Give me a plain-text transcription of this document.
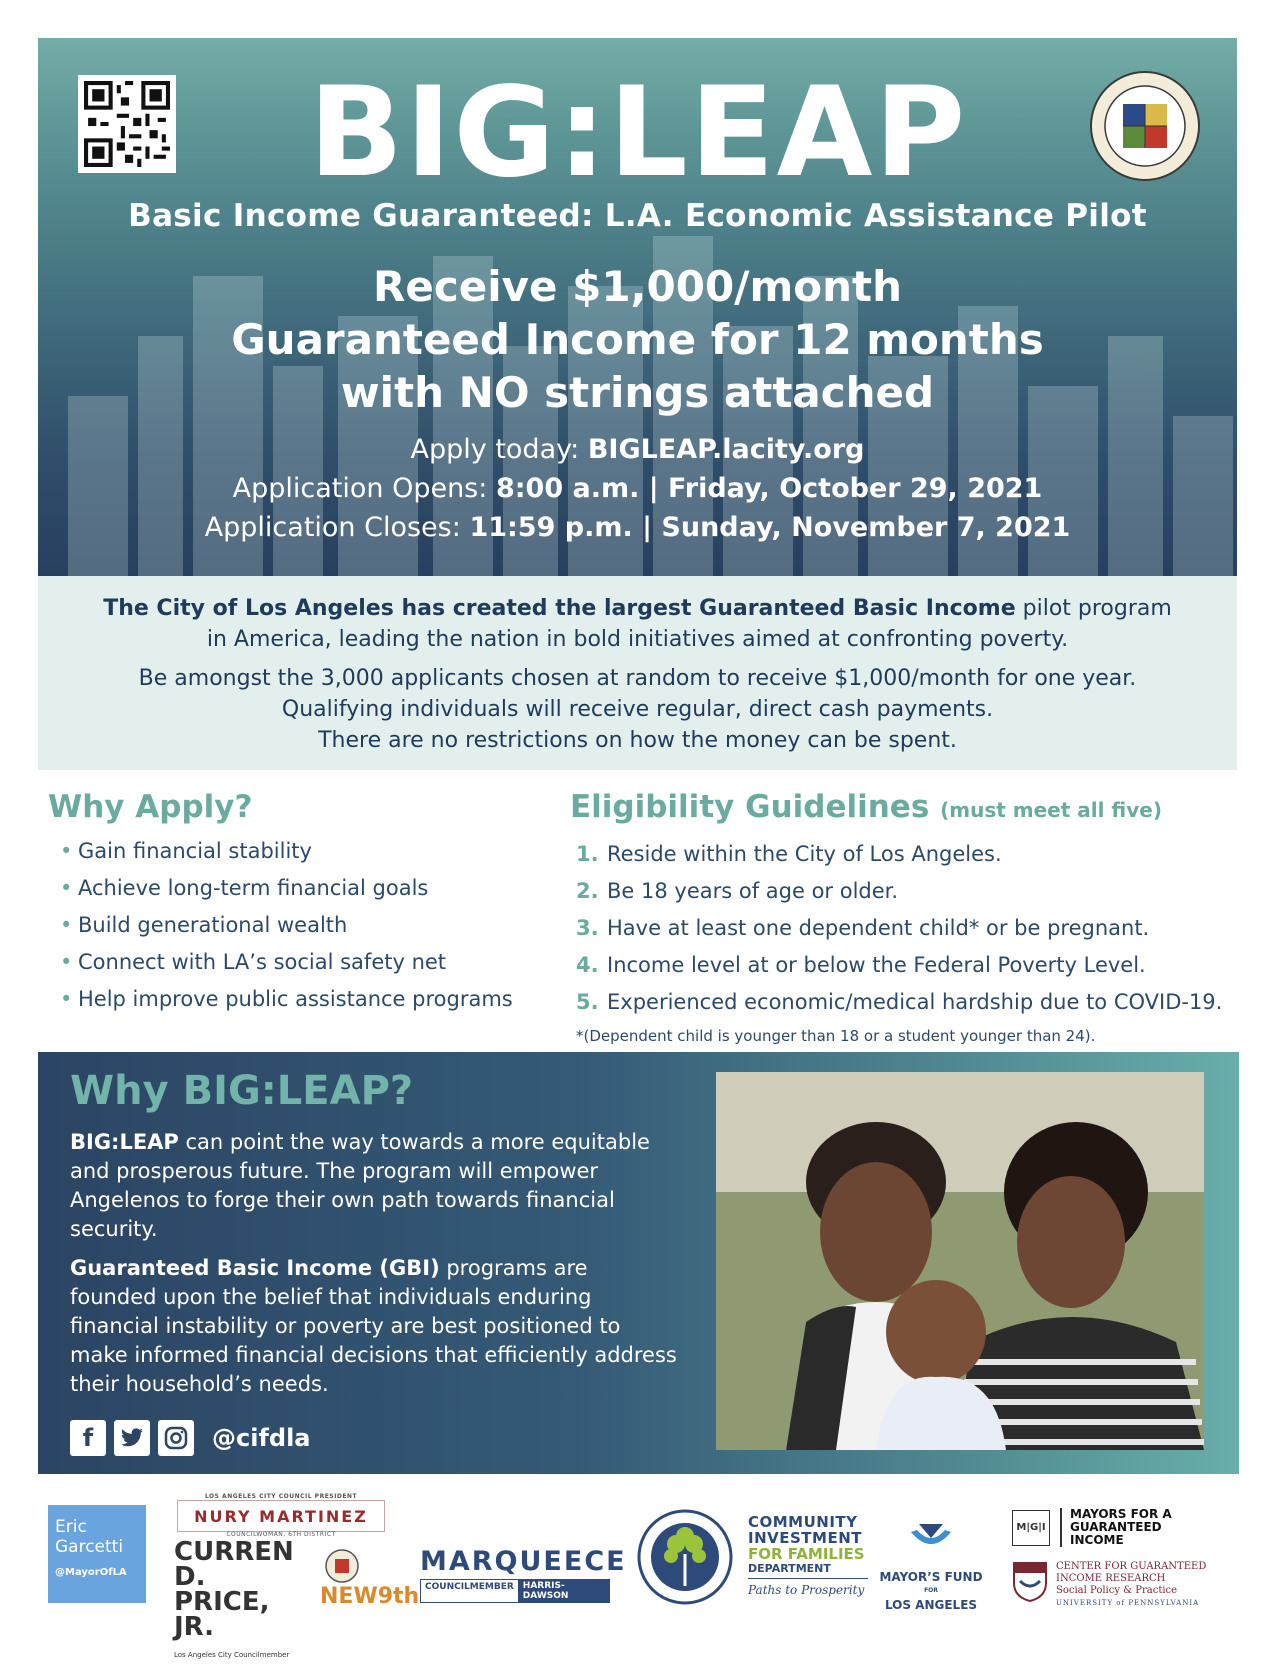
BIG:LEAP
Basic Income Guaranteed: L.A. Economic Assistance Pilot
Receive $1,000/month
Guaranteed Income for 12 months
with NO strings attached
Apply today: BIGLEAP.lacity.org
Application Opens: 8:00 a.m. | Friday, October 29, 2021
Application Closes: 11:59 p.m. | Sunday, November 7, 2021

The City of Los Angeles has created the largest Guaranteed Basic Income pilot program
in America, leading the nation in bold initiatives aimed at confronting poverty.

Be amongst the 3,000 applicants chosen at random to receive $1,000/month for one year.
Qualifying individuals will receive regular, direct cash payments.
There are no restrictions on how the money can be spent.

Why Apply?
• Gain financial stability
• Achieve long-term financial goals
• Build generational wealth
• Connect with LA’s social safety net
• Help improve public assistance programs
Eligibility Guidelines (must meet all five)
1. Reside within the City of Los Angeles.
2. Be 18 years of age or older.
3. Have at least one dependent child* or be pregnant.
4. Income level at or below the Federal Poverty Level.
5. Experienced economic/medical hardship due to COVID-19.
*(Dependent child is younger than 18 or a student younger than 24).
Why BIG:LEAP?

BIG:LEAP can point the way towards a more equitable and prosperous future. The program will empower Angelenos to forge their own path towards financial security.

Guaranteed Basic Income (GBI) programs are founded upon the belief that individuals enduring financial instability or poverty are best positioned to make informed financial decisions that efficiently address their household’s needs.

f	@cifdla
Eric
Garcetti
@MayorOfLA
LOS ANGELES CITY COUNCIL PRESIDENT
NURY MARTINEZ
COUNCILWOMAN, 6TH DISTRICT
CURREN D.
PRICE, JR.
Los Angeles City Councilmember
NEW9th
MARQUEECE
COUNCILMEMBER	HARRIS-DAWSON
COMMUNITY
INVESTMENT
FOR FAMILIES
DEPARTMENT
Paths to Prosperity
MAYOR’S FUND
FOR
LOS ANGELES
M|G|I
MAYORS FOR A
GUARANTEED
INCOME
CENTER FOR GUARANTEED
INCOME RESEARCH
Social Policy & Practice
UNIVERSITY of PENNSYLVANIA
